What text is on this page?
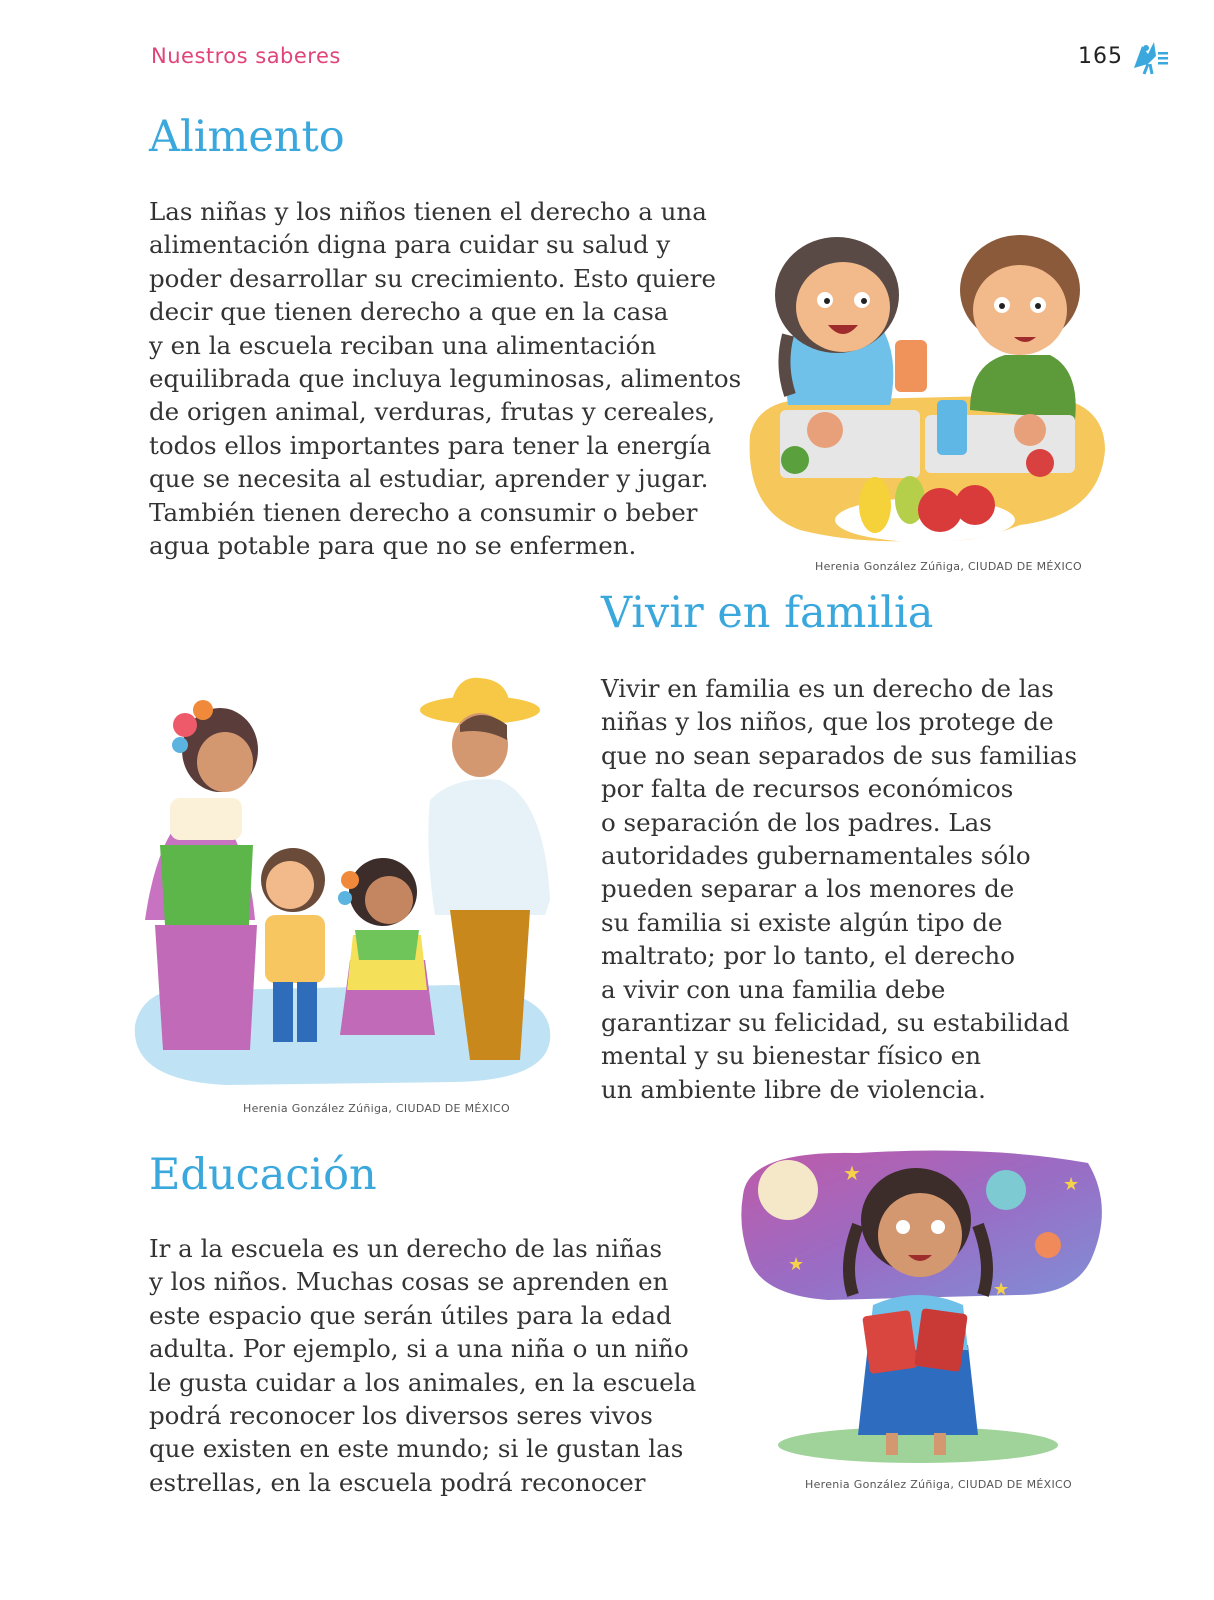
Nuestros saberes	165
Alimento
Las niñas y los niños tienen el derecho a una
alimentación digna para cuidar su salud y
poder desarrollar su crecimiento. Esto quiere
decir que tienen derecho a que en la casa
y en la escuela reciban una alimentación
equilibrada que incluya leguminosas, alimentos
de origen animal, verduras, frutas y cereales,
todos ellos importantes para tener la energía
que se necesita al estudiar, aprender y jugar.
También tienen derecho a consumir o beber
agua potable para que no se enfermen.
Herenia González Zúñiga, CIUDAD DE MÉXICO
Vivir en familia
Vivir en familia es un derecho de las
niñas y los niños, que los protege de
que no sean separados de sus familias
por falta de recursos económicos
o separación de los padres. Las
autoridades gubernamentales sólo
pueden separar a los menores de
su familia si existe algún tipo de
maltrato; por lo tanto, el derecho
a vivir con una familia debe
garantizar su felicidad, su estabilidad
mental y su bienestar físico en
un ambiente libre de violencia.
Herenia González Zúñiga, CIUDAD DE MÉXICO
Educación
Ir a la escuela es un derecho de las niñas
y los niños. Muchas cosas se aprenden en
este espacio que serán útiles para la edad
adulta. Por ejemplo, si a una niña o un niño
le gusta cuidar a los animales, en la escuela
podrá reconocer los diversos seres vivos
que existen en este mundo; si le gustan las
estrellas, en la escuela podrá reconocer
★	★
★
★
Herenia González Zúñiga, CIUDAD DE MÉXICO
